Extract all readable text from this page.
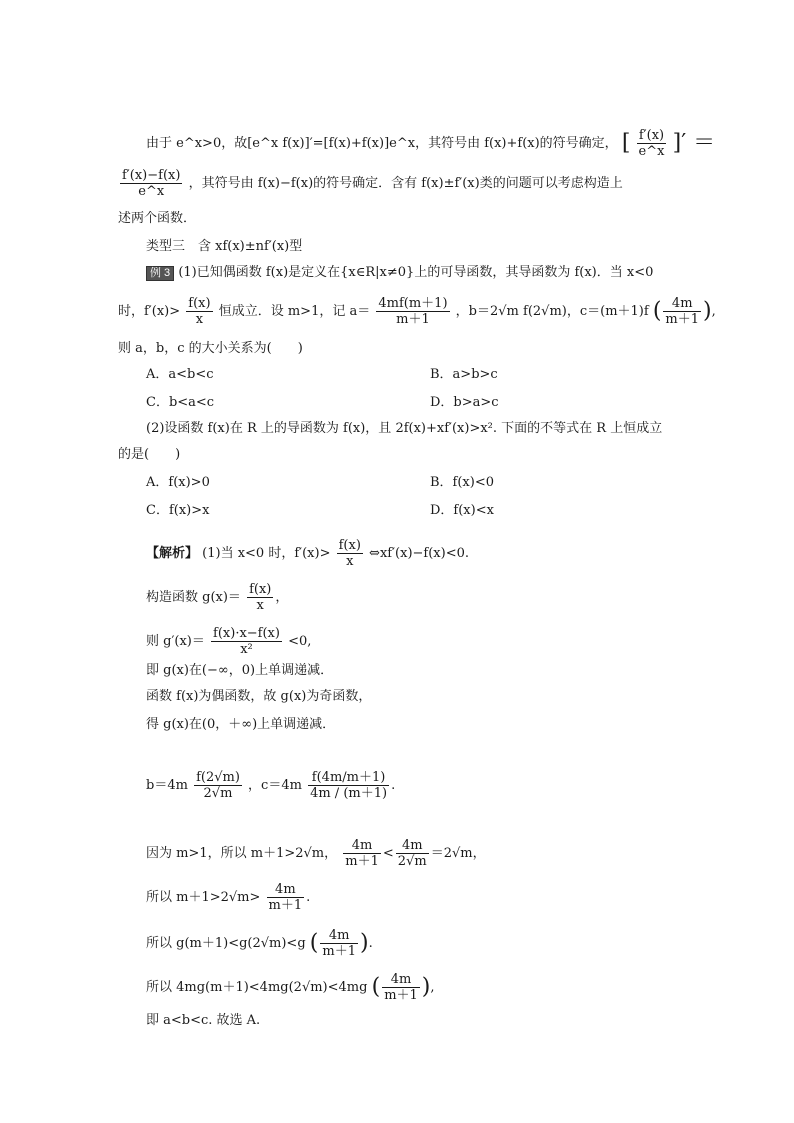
由于 e^x>0，故[e^x f(x)]′=[f(x)+f(x)]e^x，其符号由 f(x)+f(x)的符号确定， [ $\frac{f'(x)}{e\^{}x}$ ]′ ＝
$\frac{f'(x)-f(x)}{e\^{}x}$ ，其符号由 f(x)−f(x)的符号确定．含有 f(x)±f′(x)类的问题可以考虑构造上
述两个函数．
类型三　含 xf(x)±nf′(x)型
例 3 (1)已知偶函数 f(x)是定义在{x∈R|x≠0}上的可导函数，其导函数为 f(x)．当 x<0
时，$f'(x)> \frac{f(x)}{x}$ 恒成立．设 m>1，记 $a= \frac{4mf(m+1)}{m+1}$ ，b＝2√m f(2√m)，c＝(m＋1)f ( $\frac{4m}{m+1}$ ),
则 a，b，c 的大小关系为(　　)
A．a<b<c	B．a>b>c
C．b<a<c	D．b>a>c
(2)设函数 f(x)在 R 上的导函数为 f(x)，且 2f(x)+xf′(x)>x². 下面的不等式在 R 上恒成立
的是(　　)
A．f(x)>0	B．f(x)<0
C．f(x)>x	D．f(x)<x
【解析】 (1)当 x<0 时，$f'(x)> \frac{f(x)}{x}$ ⇔xf′(x)−f(x)<0.
构造函数 $g(x)= \frac{f(x)}{x}$ ，
则 $g'(x)= \frac{f(x)\cdot x-f(x)}{\text{x²}} <0$,
即 g(x)在(−∞，0)上单调递减．
函数 f(x)为偶函数，故 g(x)为奇函数，
得 g(x)在(0，＋∞)上单调递减．
$b=4m \frac{f(2√m)}{2√m}$ ，$c=4m \frac{f(4m/m+1)}{4m / (m+1)}$ .
因为 m>1，所以 m＋1>2√m， $\frac{4m}{m+1} < \frac{4m}{2√m} =2√m$，
所以 $m+1>2√m> \frac{4m}{m+1}$ .
所以 g(m＋1)<g(2√m)<g ( $\frac{4m}{m+1}$ ).
所以 4mg(m＋1)<4mg(2√m)<4mg ( $\frac{4m}{m+1}$ ),
即 a<b<c. 故选 A.
